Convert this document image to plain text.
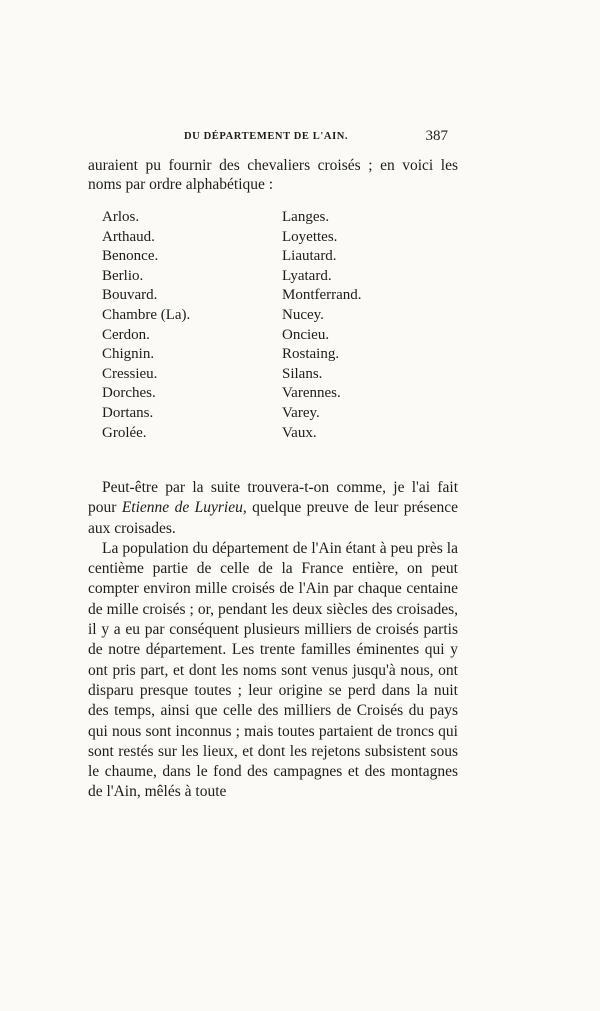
DU DÉPARTEMENT DE L'AIN.	387

auraient pu fournir des chevaliers croisés ; en voici les noms par ordre alphabétique :

Arlos.
Arthaud.
Benonce.
Berlio.
Bouvard.
Chambre (La).
Cerdon.
Chignin.
Cressieu.
Dorches.
Dortans.
Grolée.
Langes.
Loyettes.
Liautard.
Lyatard.
Montferrand.
Nucey.
Oncieu.
Rostaing.
Silans.
Varennes.
Varey.
Vaux.

Peut-être par la suite trouvera-t-on comme, je l'ai fait pour Etienne de Luyrieu, quelque preuve de leur présence aux croisades.

La population du département de l'Ain étant à peu près la centième partie de celle de la France entière, on peut compter environ mille croisés de l'Ain par chaque centaine de mille croisés ; or, pendant les deux siècles des croisades, il y a eu par conséquent plusieurs milliers de croisés partis de notre département. Les trente familles éminentes qui y ont pris part, et dont les noms sont venus jusqu'à nous, ont disparu presque toutes ; leur origine se perd dans la nuit des temps, ainsi que celle des milliers de Croisés du pays qui nous sont inconnus ; mais toutes partaient de troncs qui sont restés sur les lieux, et dont les rejetons subsistent sous le chaume, dans le fond des campagnes et des montagnes de l'Ain, mêlés à toute
